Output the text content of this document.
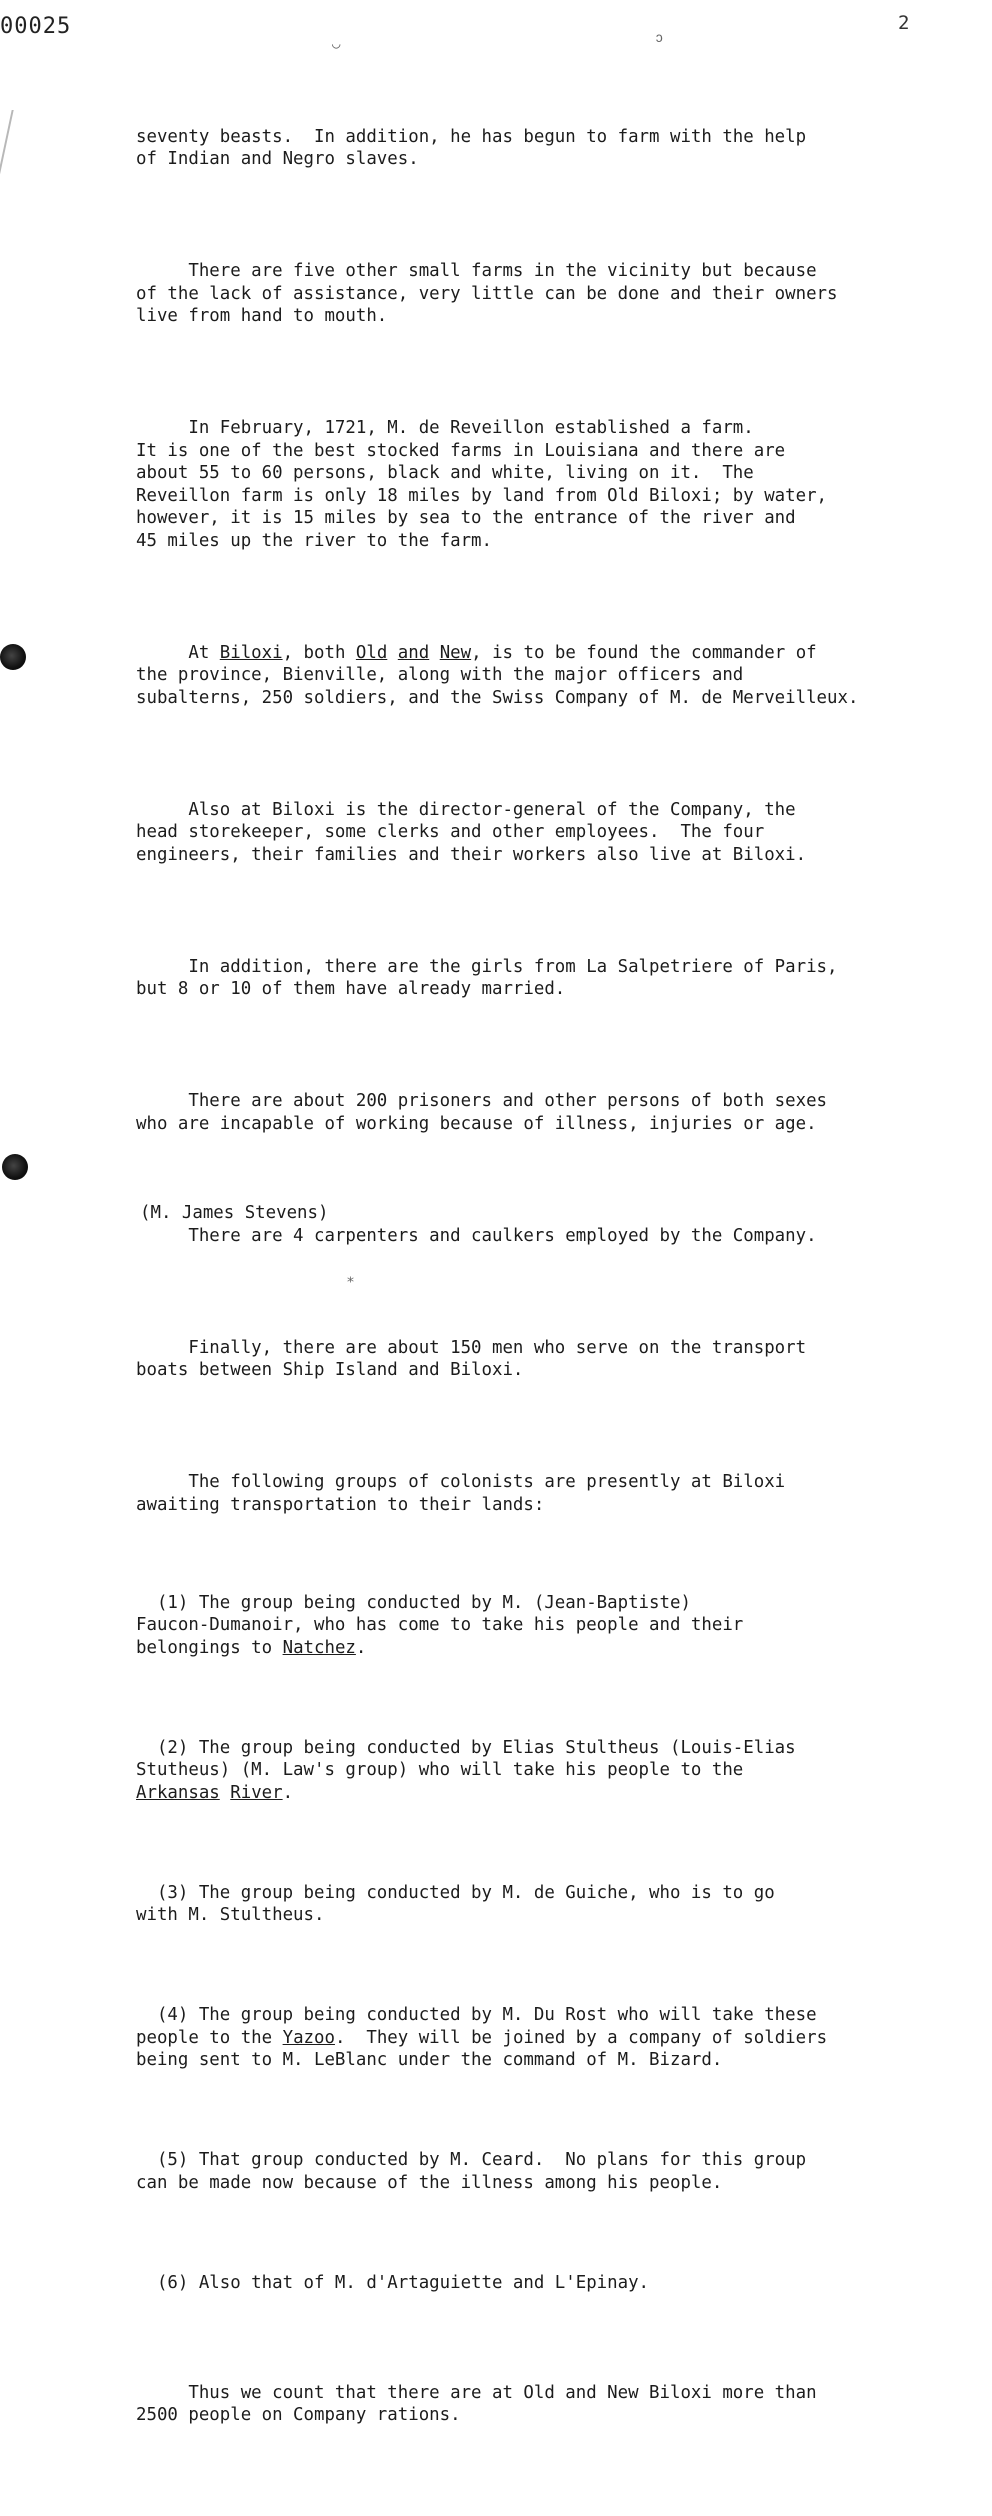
◡	ↄ
⁎
00025	2

seventy beasts.  In addition, he has begun to farm with the help
of Indian and Negro slaves.

There are five other small farms in the vicinity but because
of the lack of assistance, very little can be done and their owners
live from hand to mouth.

In February, 1721, M. de Reveillon established a farm.
It is one of the best stocked farms in Louisiana and there are
about 55 to 60 persons, black and white, living on it.  The
Reveillon farm is only 18 miles by land from Old Biloxi; by water,
however, it is 15 miles by sea to the entrance of the river and
45 miles up the river to the farm.

At Biloxi, both Old and New, is to be found the commander of
the province, Bienville, along with the major officers and
subalterns, 250 soldiers, and the Swiss Company of M. de Merveilleux.

Also at Biloxi is the director-general of the Company, the
head storekeeper, some clerks and other employees.  The four
engineers, their families and their workers also live at Biloxi.

In addition, there are the girls from La Salpetriere of Paris,
but 8 or 10 of them have already married.

There are about 200 prisoners and other persons of both sexes
who are incapable of working because of illness, injuries or age.

There are 4 carpenters and caulkers employed by the Company.

Finally, there are about 150 men who serve on the transport
boats between Ship Island and Biloxi.

The following groups of colonists are presently at Biloxi
awaiting transportation to their lands:

(1) The group being conducted by M. (Jean-Baptiste)
Faucon-Dumanoir, who has come to take his people and their
belongings to Natchez.

(2) The group being conducted by Elias Stultheus (Louis-Elias
Stutheus) (M. Law's group) who will take his people to the
Arkansas River.

(3) The group being conducted by M. de Guiche, who is to go
with M. Stultheus.

(4) The group being conducted by M. Du Rost who will take these
people to the Yazoo.  They will be joined by a company of soldiers
being sent to M. LeBlanc under the command of M. Bizard.

(5) That group conducted by M. Ceard.  No plans for this group
can be made now because of the illness among his people.

(6) Also that of M. d'Artaguiette and L'Epinay.

Thus we count that there are at Old and New Biloxi more than
2500 people on Company rations.

(M. James Stevens)
